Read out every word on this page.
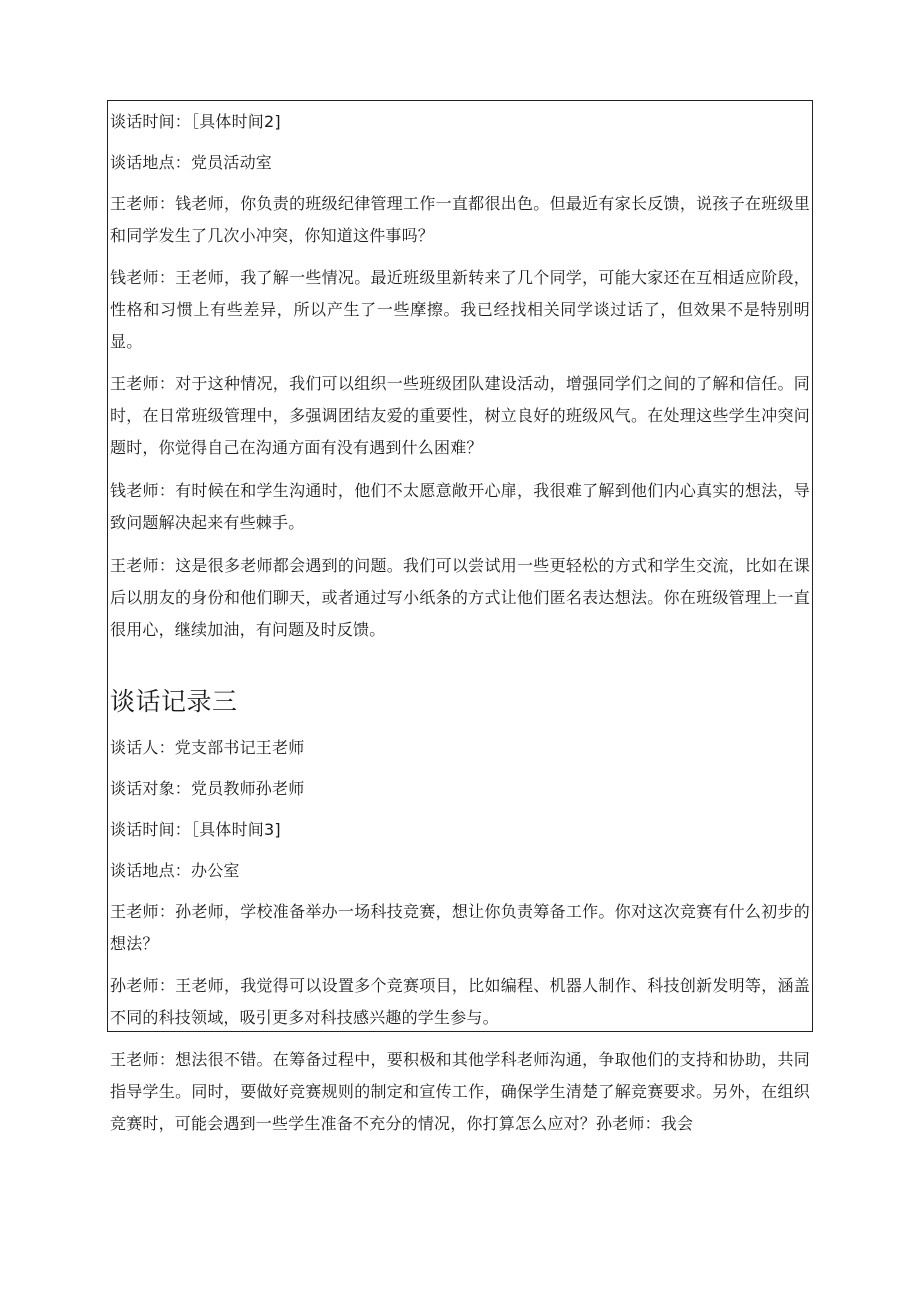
谈话时间：［具体时间2]

谈话地点：党员活动室

王老师：钱老师，你负责的班级纪律管理工作一直都很出色。但最近有家长反馈，说孩子在班级里和同学发生了几次小冲突，你知道这件事吗？

钱老师：王老师，我了解一些情况。最近班级里新转来了几个同学，可能大家还在互相适应阶段，性格和习惯上有些差异，所以产生了一些摩擦。我已经找相关同学谈过话了，但效果不是特别明显。

王老师：对于这种情况，我们可以组织一些班级团队建设活动，增强同学们之间的了解和信任。同时，在日常班级管理中，多强调团结友爱的重要性，树立良好的班级风气。在处理这些学生冲突问题时，你觉得自己在沟通方面有没有遇到什么困难？

钱老师：有时候在和学生沟通时，他们不太愿意敞开心扉，我很难了解到他们内心真实的想法，导致问题解决起来有些棘手。

王老师：这是很多老师都会遇到的问题。我们可以尝试用一些更轻松的方式和学生交流，比如在课后以朋友的身份和他们聊天，或者通过写小纸条的方式让他们匿名表达想法。你在班级管理上一直很用心，继续加油，有问题及时反馈。

谈话记录三

谈话人：党支部书记王老师

谈话对象：党员教师孙老师

谈话时间：［具体时间3]

谈话地点：办公室

王老师：孙老师，学校准备举办一场科技竞赛，想让你负责筹备工作。你对这次竞赛有什么初步的想法？

孙老师：王老师，我觉得可以设置多个竞赛项目，比如编程、机器人制作、科技创新发明等，涵盖不同的科技领域，吸引更多对科技感兴趣的学生参与。

王老师：想法很不错。在筹备过程中，要积极和其他学科老师沟通，争取他们的支持和协助，共同指导学生。同时，要做好竞赛规则的制定和宣传工作，确保学生清楚了解竞赛要求。另外，在组织竞赛时，可能会遇到一些学生准备不充分的情况，你打算怎么应对？孙老师：我会
